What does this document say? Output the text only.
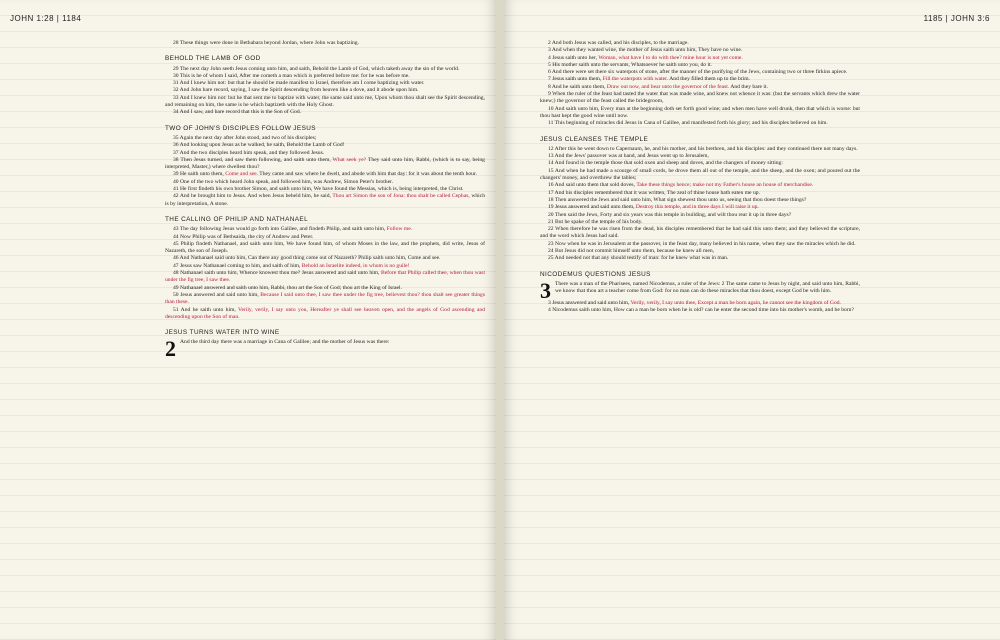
JOHN 1:28 | 1184

28 These things were done in Bethabara beyond Jordan, where John was baptizing.

BEHOLD THE LAMB OF GOD

29 The next day John seeth Jesus coming unto him, and saith, Behold the Lamb of God, which taketh away the sin of the world.

30 This is he of whom I said, After me cometh a man which is preferred before me: for he was before me.

31 And I knew him not: but that he should be made manifest to Israel, therefore am I come baptizing with water.

32 And John bare record, saying, I saw the Spirit descending from heaven like a dove, and it abode upon him.

33 And I knew him not: but he that sent me to baptize with water, the same said unto me, Upon whom thou shalt see the Spirit descending, and remaining on him, the same is he which baptizeth with the Holy Ghost.

34 And I saw, and bare record that this is the Son of God.

TWO OF JOHN'S DISCIPLES FOLLOW JESUS

35 Again the next day after John stood, and two of his disciples;

36 And looking upon Jesus as he walked, he saith, Behold the Lamb of God!

37 And the two disciples heard him speak, and they followed Jesus.

38 Then Jesus turned, and saw them following, and saith unto them, What seek ye? They said unto him, Rabbi, (which is to say, being interpreted, Master,) where dwellest thou?

39 He saith unto them, Come and see. They came and saw where he dwelt, and abode with him that day: for it was about the tenth hour.

40 One of the two which heard John speak, and followed him, was Andrew, Simon Peter's brother.

41 He first findeth his own brother Simon, and saith unto him, We have found the Messias, which is, being interpreted, the Christ.

42 And he brought him to Jesus. And when Jesus beheld him, he said, Thou art Simon the son of Jona: thou shalt be called Cephas, which is by interpretation, A stone.

THE CALLING OF PHILIP AND NATHANAEL

43 The day following Jesus would go forth into Galilee, and findeth Philip, and saith unto him, Follow me.

44 Now Philip was of Bethsaida, the city of Andrew and Peter.

45 Philip findeth Nathanael, and saith unto him, We have found him, of whom Moses in the law, and the prophets, did write, Jesus of Nazareth, the son of Joseph.

46 And Nathanael said unto him, Can there any good thing come out of Nazareth? Philip saith unto him, Come and see.

47 Jesus saw Nathanael coming to him, and saith of him, Behold an Israelite indeed, in whom is no guile!

48 Nathanael saith unto him, Whence knowest thou me? Jesus answered and said unto him, Before that Philip called thee, when thou wast under the fig tree, I saw thee.

49 Nathanael answered and saith unto him, Rabbi, thou art the Son of God; thou art the King of Israel.

50 Jesus answered and said unto him, Because I said unto thee, I saw thee under the fig tree, believest thou? thou shalt see greater things than these.

51 And he saith unto him, Verily, verily, I say unto you, Hereafter ye shall see heaven open, and the angels of God ascending and descending upon the Son of man.

JESUS TURNS WATER INTO WINE
2 And the third day there was a marriage in Cana of Galilee; and the mother of Jesus was there:

1185 | JOHN 3:6

2 And both Jesus was called, and his disciples, to the marriage.

3 And when they wanted wine, the mother of Jesus saith unto him, They have no wine.

4 Jesus saith unto her, Woman, what have I to do with thee? mine hour is not yet come.

5 His mother saith unto the servants, Whatsoever he saith unto you, do it.

6 And there were set there six waterpots of stone, after the manner of the purifying of the Jews, containing two or three firkins apiece.

7 Jesus saith unto them, Fill the waterpots with water. And they filled them up to the brim.

8 And he saith unto them, Draw out now, and bear unto the governor of the feast. And they bare it.

9 When the ruler of the feast had tasted the water that was made wine, and knew not whence it was: (but the servants which drew the water knew;) the governor of the feast called the bridegroom,

10 And saith unto him, Every man at the beginning doth set forth good wine; and when men have well drunk, then that which is worse: but thou hast kept the good wine until now.

11 This beginning of miracles did Jesus in Cana of Galilee, and manifested forth his glory; and his disciples believed on him.

JESUS CLEANSES THE TEMPLE

12 After this he went down to Capernaum, he, and his mother, and his brethren, and his disciples: and they continued there not many days.

13 And the Jews' passover was at hand, and Jesus went up to Jerusalem,

14 And found in the temple those that sold oxen and sheep and doves, and the changers of money sitting:

15 And when he had made a scourge of small cords, he drove them all out of the temple, and the sheep, and the oxen; and poured out the changers' money, and overthrew the tables;

16 And said unto them that sold doves, Take these things hence; make not my Father's house an house of merchandise.

17 And his disciples remembered that it was written, The zeal of thine house hath eaten me up.

18 Then answered the Jews and said unto him, What sign shewest thou unto us, seeing that thou doest these things?

19 Jesus answered and said unto them, Destroy this temple, and in three days I will raise it up.

20 Then said the Jews, Forty and six years was this temple in building, and wilt thou rear it up in three days?

21 But he spake of the temple of his body.

22 When therefore he was risen from the dead, his disciples remembered that he had said this unto them; and they believed the scripture, and the word which Jesus had said.

23 Now when he was in Jerusalem at the passover, in the feast day, many believed in his name, when they saw the miracles which he did.

24 But Jesus did not commit himself unto them, because he knew all men,

25 And needed not that any should testify of man: for he knew what was in man.

NICODEMUS QUESTIONS JESUS
3 There was a man of the Pharisees, named Nicodemus, a ruler of the Jews: 2 The same came to Jesus by night, and said unto him, Rabbi, we know that thou art a teacher come from God: for no man can do these miracles that thou doest, except God be with him.

3 Jesus answered and said unto him, Verily, verily, I say unto thee, Except a man be born again, he cannot see the kingdom of God.

4 Nicodemus saith unto him, How can a man be born when he is old? can he enter the second time into his mother's womb, and be born?
